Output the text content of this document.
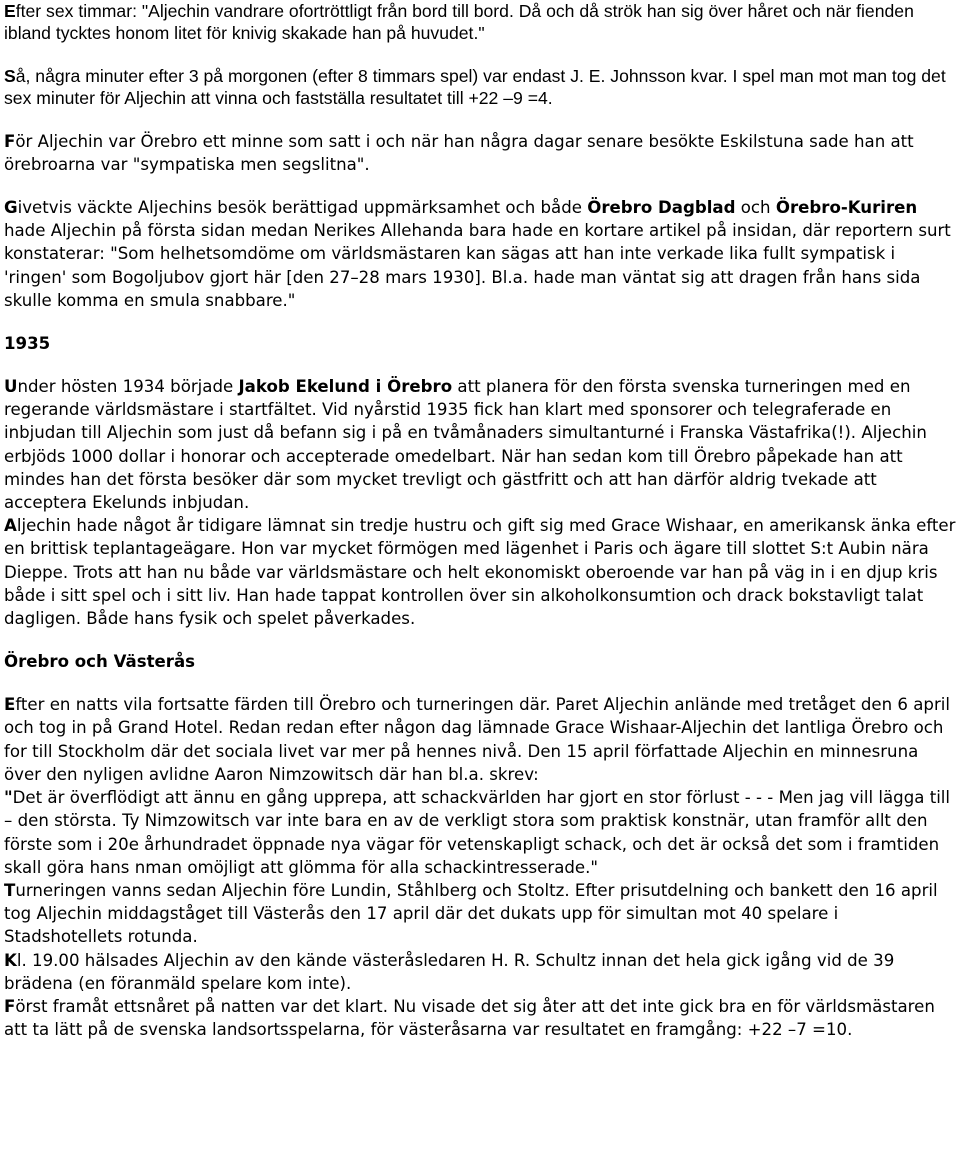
Efter sex timmar: "Aljechin vandrare ofortröttligt från bord till bord. Då och då strök han sig över håret och när fienden ibland tycktes honom litet för knivig skakade han på huvudet."

Så, några minuter efter 3 på morgonen (efter 8 timmars spel) var endast J. E. Johnsson kvar. I spel man mot man tog det sex minuter för Aljechin att vinna och fastställa resultatet till +22 –9 =4.

För Aljechin var Örebro ett minne som satt i och när han några dagar senare besökte Eskilstuna sade han att örebroarna var "sympatiska men segslitna".

Givetvis väckte Aljechins besök berättigad uppmärksamhet och både Örebro Dagblad och Örebro-Kuriren hade Aljechin på första sidan medan Nerikes Allehanda bara hade en kortare artikel på insidan, där reportern surt konstaterar: "Som helhetsomdöme om världsmästaren kan sägas att han inte verkade lika fullt sympatisk i 'ringen' som Bogoljubov gjort här [den 27–28 mars 1930]. Bl.a. hade man väntat sig att dragen från hans sida skulle komma en smula snabbare."

1935

Under hösten 1934 började Jakob Ekelund i Örebro att planera för den första svenska turneringen med en regerande världsmästare i startfältet. Vid nyårstid 1935 fick han klart med sponsorer och telegraferade en inbjudan till Aljechin som just då befann sig i på en tvåmånaders simultanturné i Franska Västafrika(!). Aljechin erbjöds 1000 dollar i honorar och accepterade omedelbart. När han sedan kom till Örebro påpekade han att mindes han det första besöker där som mycket trevligt och gästfritt och att han därför aldrig tvekade att acceptera Ekelunds inbjudan.

Aljechin hade något år tidigare lämnat sin tredje hustru och gift sig med Grace Wishaar, en amerikansk änka efter en brittisk teplantageägare. Hon var mycket förmögen med lägenhet i Paris och ägare till slottet S:t Aubin nära Dieppe. Trots att han nu både var världsmästare och helt ekonomiskt oberoende var han på väg in i en djup kris både i sitt spel och i sitt liv. Han hade tappat kontrollen över sin alkoholkonsumtion och drack bokstavligt talat dagligen. Både hans fysik och spelet påverkades.

Örebro och Västerås

Efter en natts vila fortsatte färden till Örebro och turneringen där. Paret Aljechin anlände med tretåget den 6 april och tog in på Grand Hotel. Redan redan efter någon dag lämnade Grace Wishaar-Aljechin det lantliga Örebro och for till Stockholm där det sociala livet var mer på hennes nivå. Den 15 april författade Aljechin en minnesruna över den nyligen avlidne Aaron Nimzowitsch där han bl.a. skrev:

"Det är överflödigt att ännu en gång upprepa, att schackvärlden har gjort en stor förlust - - - Men jag vill lägga till – den största. Ty Nimzowitsch var inte bara en av de verkligt stora som praktisk konstnär, utan framför allt den förste som i 20e århundradet öppnade nya vägar för vetenskapligt schack, och det är också det som i framtiden skall göra hans nman omöjligt att glömma för alla schackintresserade."

Turneringen vanns sedan Aljechin före Lundin, Ståhlberg och Stoltz. Efter prisutdelning och bankett den 16 april tog Aljechin middagståget till Västerås den 17 april där det dukats upp för simultan mot 40 spelare i Stadshotellets rotunda.

Kl. 19.00 hälsades Aljechin av den kände västeråsledaren H. R. Schultz innan det hela gick igång vid de 39 brädena (en föranmäld spelare kom inte).

Först framåt ettsnåret på natten var det klart. Nu visade det sig åter att det inte gick bra en för världsmästaren att ta lätt på de svenska landsortsspelarna, för västeråsarna var resultatet en framgång: +22 –7 =10.
